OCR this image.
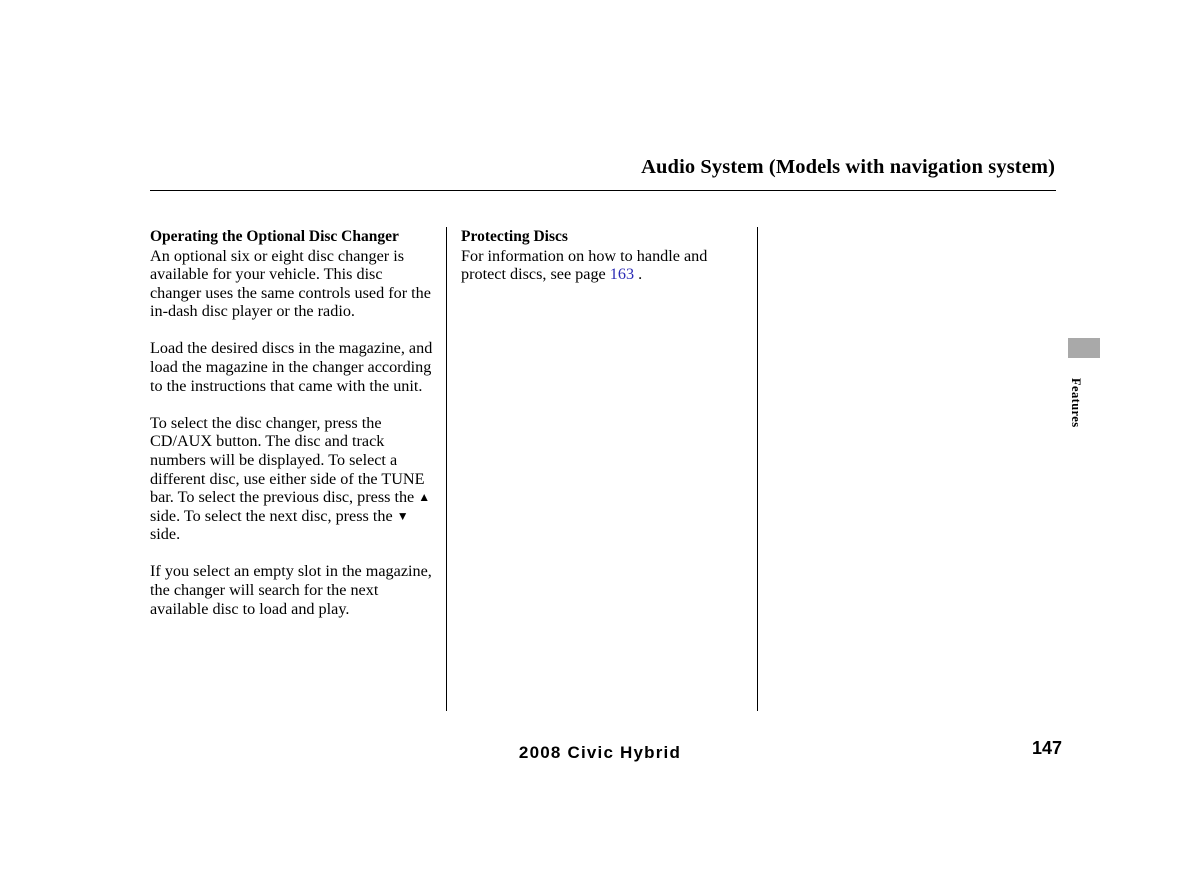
Audio System (Models with navigation system)
Operating the Optional Disc Changer

An optional six or eight disc changer is available for your vehicle. This disc changer uses the same controls used for the in-dash disc player or the radio.

Load the desired discs in the magazine, and load the magazine in the changer according to the instructions that came with the unit.

To select the disc changer, press the CD/AUX button. The disc and track numbers will be displayed. To select a different disc, use either side of the TUNE bar. To select the previous disc, press the ▲ side. To select the next disc, press the ▼ side.

If you select an empty slot in the magazine, the changer will search for the next available disc to load and play.

Protecting Discs

For information on how to handle and protect discs, see page 163 .

Features
2008 Civic Hybrid	147
